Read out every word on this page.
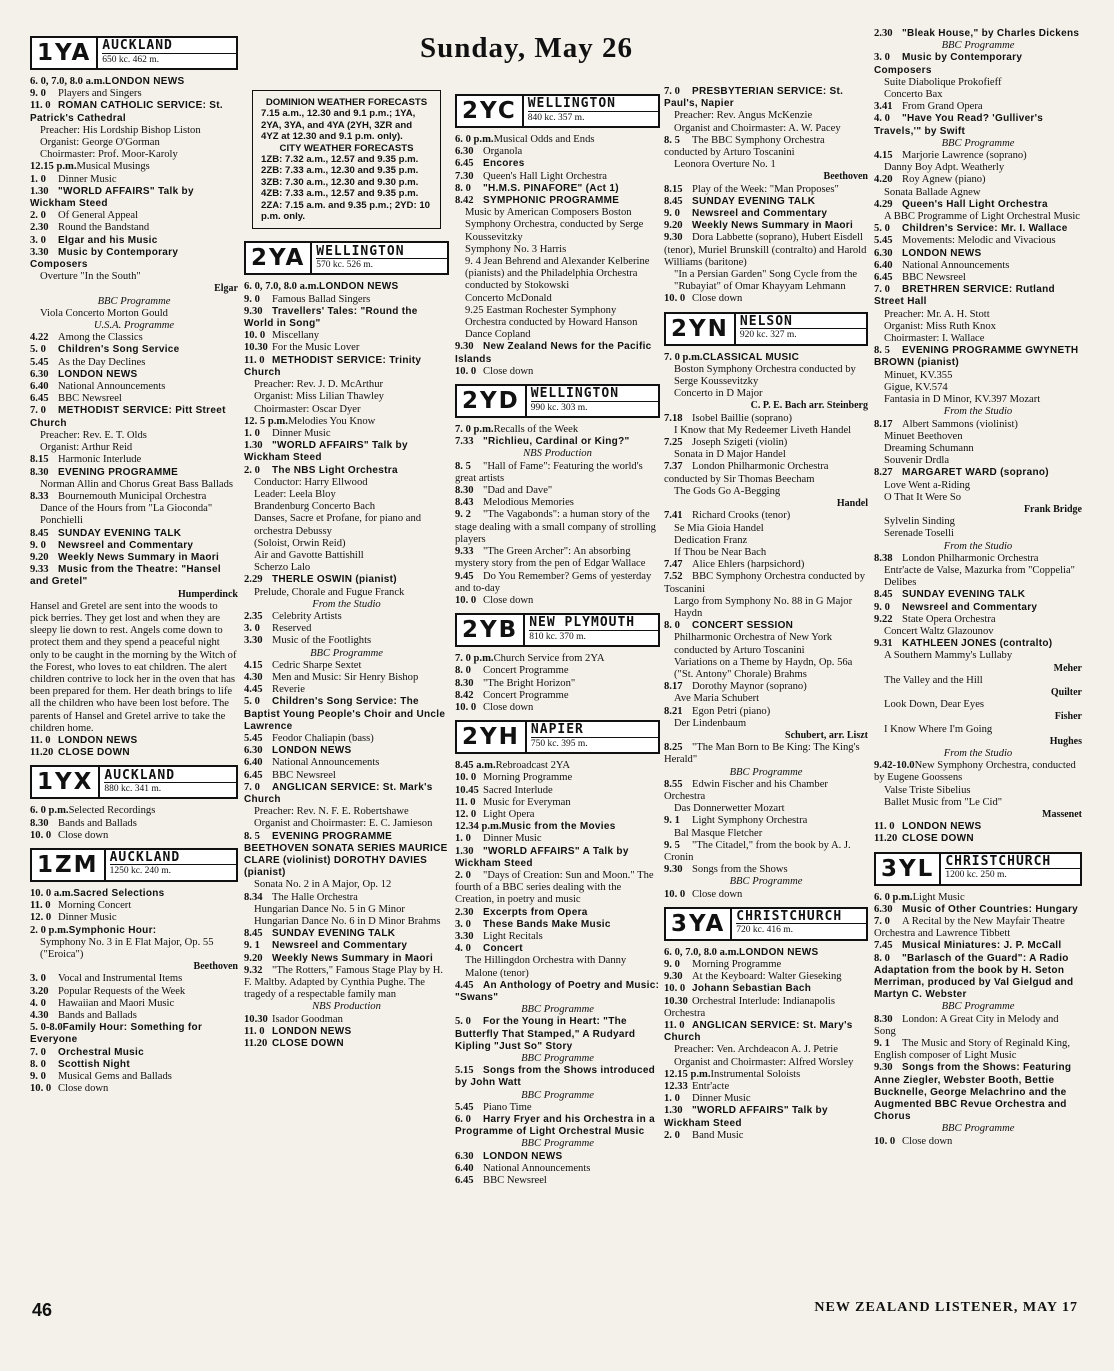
Sunday, May 26
1YA AUCKLAND
650 kc. 462 m.
6. 0, 7.0, 8.0 a.m.LONDON NEWS
9. 0 Players and Singers
11. 0 ROMAN CATHOLIC SERVICE: St. Patrick's Cathedral
Preacher: His Lordship Bishop Liston
Organist: George O'Gorman
Choirmaster: Prof. Moor-Karoly
12.15 p.m.Musical Musings
1. 0 Dinner Music
1.30 "WORLD AFFAIRS" Talk by Wickham Steed
2. 0 Of General Appeal
2.30 Round the Bandstand
3. 0 Elgar and his Music
3.30 Music by Contemporary Composers
Overture "In the South"
Elgar
BBC Programme
Viola Concerto Morton Gould
U.S.A. Programme
4.22 Among the Classics
5. 0 Children's Song Service
5.45 As the Day Declines
6.30 LONDON NEWS
6.40 National Announcements
6.45 BBC Newsreel
7. 0 METHODIST SERVICE: Pitt Street Church
Preacher: Rev. E. T. Olds
Organist: Arthur Reid
8.15 Harmonic Interlude
8.30 EVENING PROGRAMME
Norman Allin and Chorus Great Bass Ballads
8.33 Bournemouth Municipal Orchestra
Dance of the Hours from "La Gioconda" Ponchielli
8.45 SUNDAY EVENING TALK
9. 0 Newsreel and Commentary
9.20 Weekly News Summary in Maori
9.33 Music from the Theatre: "Hansel and Gretel"
Humperdinck
Hansel and Gretel are sent into the woods to pick berries. They get lost and when they are sleepy lie down to rest. Angels come down to protect them and they spend a peaceful night only to be caught in the morning by the Witch of the Forest, who loves to eat children. The alert children contrive to lock her in the oven that has been prepared for them. Her death brings to life all the children who have been lost before. The parents of Hansel and Gretel arrive to take the children home.
11. 0 LONDON NEWS
11.20 CLOSE DOWN
1YX AUCKLAND
880 kc. 341 m.
6. 0 p.m.Selected Recordings
8.30 Bands and Ballads
10. 0 Close down
1ZM AUCKLAND
1250 kc. 240 m.
10. 0 a.m.Sacred Selections
11. 0 Morning Concert
12. 0 Dinner Music
2. 0 p.m.Symphonic Hour:
Symphony No. 3 in E Flat Major, Op. 55 ("Eroica")
Beethoven
3. 0 Vocal and Instrumental Items
3.20 Popular Requests of the Week
4. 0 Hawaiian and Maori Music
4.30 Bands and Ballads
5. 0-8.0Family Hour: Something for Everyone
7. 0 Orchestral Music
8. 0 Scottish Night
9. 0 Musical Gems and Ballads
10. 0 Close down
DOMINION WEATHER FORECASTS
7.15 a.m., 12.30 and 9.1 p.m.; 1YA, 2YA, 3YA, and 4YA (2YH, 3ZR and 4YZ at 12.30 and 9.1 p.m. only).
CITY WEATHER FORECASTS
1ZB: 7.32 a.m., 12.57 and 9.35 p.m.
2ZB: 7.33 a.m., 12.30 and 9.35 p.m.
3ZB: 7.30 a.m., 12.30 and 9.30 p.m.
4ZB: 7.33 a.m., 12.57 and 9.35 p.m.
2ZA: 7.15 a.m. and 9.35 p.m.; 2YD: 10 p.m. only.
2YA WELLINGTON
570 kc. 526 m.
6. 0, 7.0, 8.0 a.m.LONDON NEWS
9. 0 Famous Ballad Singers
9.30 Travellers' Tales: "Round the World in Song"
10. 0 Miscellany
10.30 For the Music Lover
11. 0 METHODIST SERVICE: Trinity Church
Preacher: Rev. J. D. McArthur
Organist: Miss Lilian Thawley
Choirmaster: Oscar Dyer
12. 5 p.m.Melodies You Know
1. 0 Dinner Music
1.30 "WORLD AFFAIRS" Talk by Wickham Steed
2. 0 The NBS Light Orchestra
Conductor: Harry Ellwood
Leader: Leela Bloy
Brandenburg Concerto Bach
Danses, Sacre et Profane, for piano and orchestra Debussy
(Soloist, Orwin Reid)
Air and Gavotte Battishill
Scherzo Lalo
2.29 THERLE OSWIN (pianist)
Prelude, Chorale and Fugue Franck
From the Studio
2.35 Celebrity Artists
3. 0 Reserved
3.30 Music of the Footlights
BBC Programme
4.15 Cedric Sharpe Sextet
4.30 Men and Music: Sir Henry Bishop
4.45 Reverie
5. 0 Children's Song Service: The Baptist Young People's Choir and Uncle Lawrence
5.45 Feodor Chaliapin (bass)
6.30 LONDON NEWS
6.40 National Announcements
6.45 BBC Newsreel
7. 0 ANGLICAN SERVICE: St. Mark's Church
Preacher: Rev. N. F. E. Robertshawe
Organist and Choirmaster: E. C. Jamieson
8. 5 EVENING PROGRAMME BEETHOVEN SONATA SERIES MAURICE CLARE (violinist) DOROTHY DAVIES (pianist)
Sonata No. 2 in A Major, Op. 12
8.34 The Halle Orchestra
Hungarian Dance No. 5 in G Minor
Hungarian Dance No. 6 in D Minor Brahms
8.45 SUNDAY EVENING TALK
9. 1 Newsreel and Commentary
9.20 Weekly News Summary in Maori
9.32 "The Rotters," Famous Stage Play by H. F. Maltby. Adapted by Cynthia Pughe. The tragedy of a respectable family man
NBS Production
10.30 Isador Goodman
11. 0 LONDON NEWS
11.20 CLOSE DOWN
2YC WELLINGTON
840 kc. 357 m.
6. 0 p.m.Musical Odds and Ends
6.30 Organola
6.45 Encores
7.30 Queen's Hall Light Orchestra
8. 0 "H.M.S. PINAFORE" (Act 1)
8.42 SYMPHONIC PROGRAMME
Music by American Composers Boston Symphony Orchestra, conducted by Serge Koussevitzky
Symphony No. 3 Harris
9. 4 Jean Behrend and Alexander Kelberine (pianists) and the Philadelphia Orchestra conducted by Stokowski
Concerto McDonald
9.25 Eastman Rochester Symphony Orchestra conducted by Howard Hanson
Dance Copland
9.30 New Zealand News for the Pacific Islands
10. 0 Close down
2YD WELLINGTON
990 kc. 303 m.
7. 0 p.m.Recalls of the Week
7.33 "Richlieu, Cardinal or King?"
NBS Production
8. 5 "Hall of Fame": Featuring the world's great artists
8.30 "Dad and Dave"
8.43 Melodious Memories
9. 2 "The Vagabonds": a human story of the stage dealing with a small company of strolling players
9.33 "The Green Archer": An absorbing mystery story from the pen of Edgar Wallace
9.45 Do You Remember? Gems of yesterday and to-day
10. 0 Close down
2YB NEW PLYMOUTH
810 kc. 370 m.
7. 0 p.m.Church Service from 2YA
8. 0 Concert Programme
8.30 "The Bright Horizon"
8.42 Concert Programme
10. 0 Close down
2YH NAPIER
750 kc. 395 m.
8.45 a.m.Rebroadcast 2YA
10. 0 Morning Programme
10.45 Sacred Interlude
11. 0 Music for Everyman
12. 0 Light Opera
12.34 p.m.Music from the Movies
1. 0 Dinner Music
1.30 "WORLD AFFAIRS" A Talk by Wickham Steed
2. 0 "Days of Creation: Sun and Moon." The fourth of a BBC series dealing with the Creation, in poetry and music
2.30 Excerpts from Opera
3. 0 These Bands Make Music
3.30 Light Recitals
4. 0 Concert
The Hillingdon Orchestra with Danny Malone (tenor)
4.45 An Anthology of Poetry and Music: "Swans"
BBC Programme
5. 0 For the Young in Heart: "The Butterfly That Stamped," A Rudyard Kipling "Just So" Story
BBC Programme
5.15 Songs from the Shows introduced by John Watt
BBC Programme
5.45 Piano Time
6. 0 Harry Fryer and his Orchestra in a Programme of Light Orchestral Music
BBC Programme
6.30 LONDON NEWS
6.40 National Announcements
6.45 BBC Newsreel
7. 0 PRESBYTERIAN SERVICE: St. Paul's, Napier
Preacher: Rev. Angus McKenzie
Organist and Choirmaster: A. W. Pacey
8. 5 The BBC Symphony Orchestra conducted by Arturo Toscanini
Leonora Overture No. 1
Beethoven
8.15 Play of the Week: "Man Proposes"
8.45 SUNDAY EVENING TALK
9. 0 Newsreel and Commentary
9.20 Weekly News Summary in Maori
9.30 Dora Labbette (soprano), Hubert Eisdell (tenor), Muriel Brunskill (contralto) and Harold Williams (baritone)
"In a Persian Garden" Song Cycle from the "Rubayiat" of Omar Khayyam Lehmann
10. 0 Close down
2YN NELSON
920 kc. 327 m.
7. 0 p.m.CLASSICAL MUSIC
Boston Symphony Orchestra conducted by Serge Koussevitzky
Concerto in D Major
C. P. E. Bach arr. Steinberg
7.18 Isobel Baillie (soprano)
I Know that My Redeemer Liveth Handel
7.25 Joseph Szigeti (violin)
Sonata in D Major Handel
7.37 London Philharmonic Orchestra conducted by Sir Thomas Beecham
The Gods Go A-Begging
Handel
7.41 Richard Crooks (tenor)
Se Mia Gioia Handel
Dedication Franz
If Thou be Near Bach
7.47 Alice Ehlers (harpsichord)
7.52 BBC Symphony Orchestra conducted by Toscanini
Largo from Symphony No. 88 in G Major Haydn
8. 0 CONCERT SESSION
Philharmonic Orchestra of New York conducted by Arturo Toscanini
Variations on a Theme by Haydn, Op. 56a ("St. Antony" Chorale) Brahms
8.17 Dorothy Maynor (soprano)
Ave Maria Schubert
8.21 Egon Petri (piano)
Der Lindenbaum
Schubert, arr. Liszt
8.25 "The Man Born to Be King: The King's Herald"
BBC Programme
8.55 Edwin Fischer and his Chamber Orchestra
Das Donnerwetter Mozart
9. 1 Light Symphony Orchestra
Bal Masque Fletcher
9. 5 "The Citadel," from the book by A. J. Cronin
9.30 Songs from the Shows
BBC Programme
10. 0 Close down
3YA CHRISTCHURCH
720 kc. 416 m.
6. 0, 7.0, 8.0 a.m.LONDON NEWS
9. 0 Morning Programme
9.30 At the Keyboard: Walter Gieseking
10. 0 Johann Sebastian Bach
10.30 Orchestral Interlude: Indianapolis Orchestra
11. 0 ANGLICAN SERVICE: St. Mary's Church
Preacher: Ven. Archdeacon A. J. Petrie
Organist and Choirmaster: Alfred Worsley
12.15 p.m.Instrumental Soloists
12.33 Entr'acte
1. 0 Dinner Music
1.30 "WORLD AFFAIRS" Talk by Wickham Steed
2. 0 Band Music
2.30 "Bleak House," by Charles Dickens
BBC Programme
3. 0 Music by Contemporary Composers
Suite Diabolique Prokofieff
Concerto Bax
3.41 From Grand Opera
4. 0 "Have You Read? 'Gulliver's Travels,'" by Swift
BBC Programme
4.15 Marjorie Lawrence (soprano)
Danny Boy Adpt. Weatherly
4.20 Roy Agnew (piano)
Sonata Ballade Agnew
4.29 Queen's Hall Light Orchestra
A BBC Programme of Light Orchestral Music
5. 0 Children's Service: Mr. I. Wallace
5.45 Movements: Melodic and Vivacious
6.30 LONDON NEWS
6.40 National Announcements
6.45 BBC Newsreel
7. 0 BRETHREN SERVICE: Rutland Street Hall
Preacher: Mr. A. H. Stott
Organist: Miss Ruth Knox
Choirmaster: I. Wallace
8. 5 EVENING PROGRAMME GWYNETH BROWN (pianist)
Minuet, KV.355
Gigue, KV.574
Fantasia in D Minor, KV.397 Mozart
From the Studio
8.17 Albert Sammons (violinist)
Minuet Beethoven
Dreaming Schumann
Souvenir Drdla
8.27 MARGARET WARD (soprano)
Love Went a-Riding
O That It Were So
Frank Bridge
Sylvelin Sinding
Serenade Toselli
From the Studio
8.38 London Philharmonic Orchestra
Entr'acte de Valse, Mazurka from "Coppelia" Delibes
8.45 SUNDAY EVENING TALK
9. 0 Newsreel and Commentary
9.22 State Opera Orchestra
Concert Waltz Glazounov
9.31 KATHLEEN JONES (contralto)
A Southern Mammy's Lullaby
Meher
The Valley and the Hill
Quilter
Look Down, Dear Eyes
Fisher
I Know Where I'm Going
Hughes
From the Studio
9.42-10.0New Symphony Orchestra, conducted by Eugene Goossens
Valse Triste Sibelius
Ballet Music from "Le Cid"
Massenet
11. 0 LONDON NEWS
11.20 CLOSE DOWN
3YL CHRISTCHURCH
1200 kc. 250 m.
6. 0 p.m.Light Music
6.30 Music of Other Countries: Hungary
7. 0 A Recital by the New Mayfair Theatre Orchestra and Lawrence Tibbett
7.45 Musical Miniatures: J. P. McCall
8. 0 "Barlasch of the Guard": A Radio Adaptation from the book by H. Seton Merriman, produced by Val Gielgud and Martyn C. Webster
BBC Programme
8.30 London: A Great City in Melody and Song
9. 1 The Music and Story of Reginald King, English composer of Light Music
9.30 Songs from the Shows: Featuring Anne Ziegler, Webster Booth, Bettie Bucknelle, George Melachrino and the Augmented BBC Revue Orchestra and Chorus
BBC Programme
10. 0 Close down
46	NEW ZEALAND LISTENER, MAY 17
